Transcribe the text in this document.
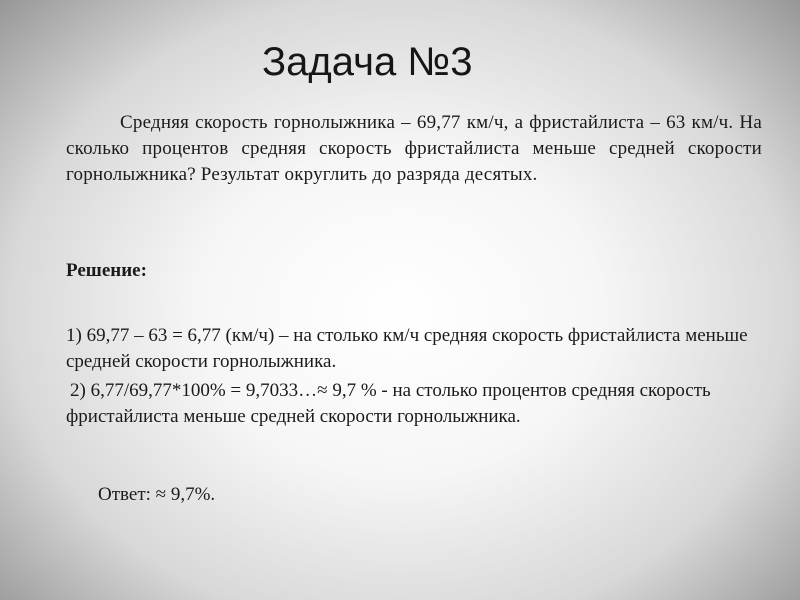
Задача №3

Средняя скорость горнолыжника – 69,77 км/ч, а фристайлиста – 63 км/ч. На сколько процентов средняя скорость фристайлиста меньше средней скорости горнолыжника? Результат округлить до разряда десятых.

Решение:

1) 69,77 – 63 = 6,77 (км/ч) – на столько км/ч средняя скорость фристайлиста меньше средней скорости горнолыжника.

2) 6,77/69,77*100% = 9,7033…≈ 9,7 % - на столько процентов средняя скорость фристайлиста меньше средней скорости горнолыжника.

Ответ: ≈ 9,7%.
